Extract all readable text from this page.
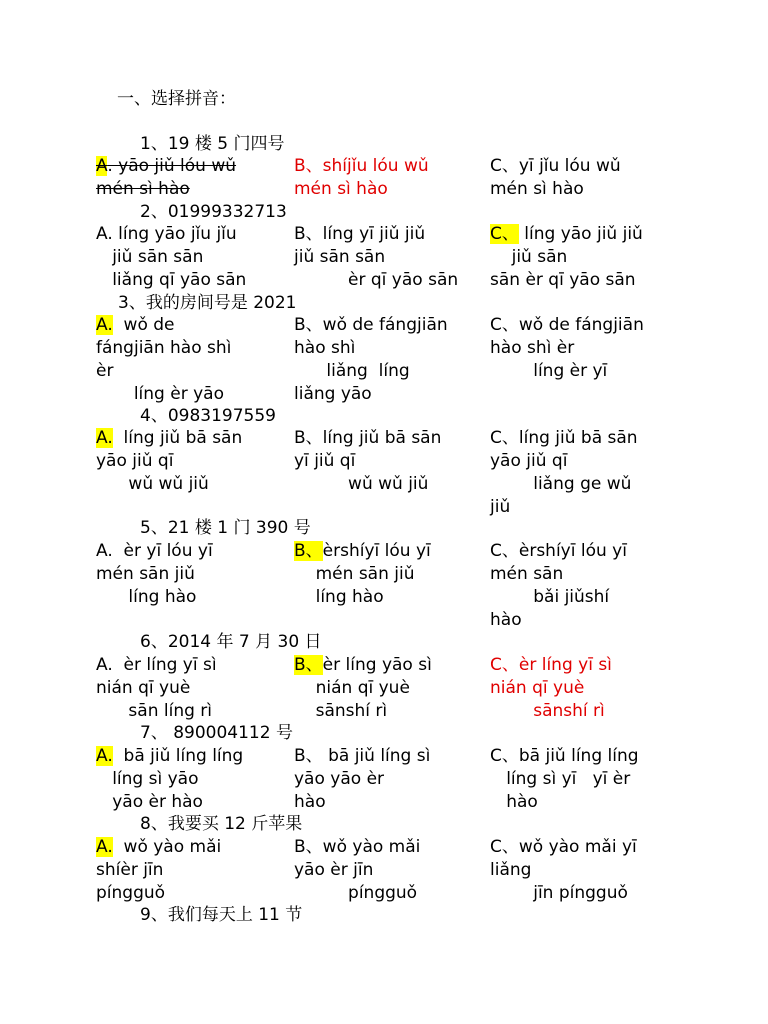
一、选择拼音：
1、19 楼 5 门四号
A. yāo jiǔ lóu wǔ
mén sì hào
B、shíjǐu lóu wǔ
mén sì hào
C、yī jǐu lóu wǔ
mén sì hào
2、01999332713
A. líng yāo jǐu jǐu
jiǔ sān sān
liǎng qī yāo sān
B、líng yī jiǔ jiǔ
jiǔ sān sān
èr qī yāo sān
C、 líng yāo jiǔ jiǔ
jiǔ sān
sān èr qī yāo sān
3、我的房间号是 2021
A.  wǒ de
fángjiān hào shì
èr
líng èr yāo
B、wǒ de fángjiān
hào shì
liǎng  líng
liǎng yāo
C、wǒ de fángjiān
hào shì èr
líng èr yī
4、0983197559
A.  líng jiǔ bā sān
yāo jiǔ qī
wǔ wǔ jiǔ
B、líng jiǔ bā sān
yī jiǔ qī
wǔ wǔ jiǔ
C、líng jiǔ bā sān
yāo jiǔ qī
liǎng ge wǔ
jiǔ
5、21 楼 1 门 390 号
A.  èr yī lóu yī
mén sān jiǔ
líng hào
B、èrshíyī lóu yī
mén sān jiǔ
líng hào
C、èrshíyī lóu yī
mén sān
bǎi jiǔshí
hào
6、2014 年 7 月 30 日
A.  èr líng yī sì
nián qī yuè
sān líng rì
B、èr líng yāo sì
nián qī yuè
sānshí rì
C、èr líng yī sì
nián qī yuè
sānshí rì
7、 890004112 号
A.  bā jiǔ líng líng
líng sì yāo
yāo èr hào
B、 bā jiǔ líng sì
yāo yāo èr
hào
C、bā jiǔ líng líng
líng sì yī   yī èr
hào
8、我要买 12 斤苹果
A.  wǒ yào mǎi
shíèr jīn
píngguǒ
B、wǒ yào mǎi
yāo èr jīn
píngguǒ
C、wǒ yào mǎi yī
liǎng
jīn píngguǒ
9、我们每天上 11 节
